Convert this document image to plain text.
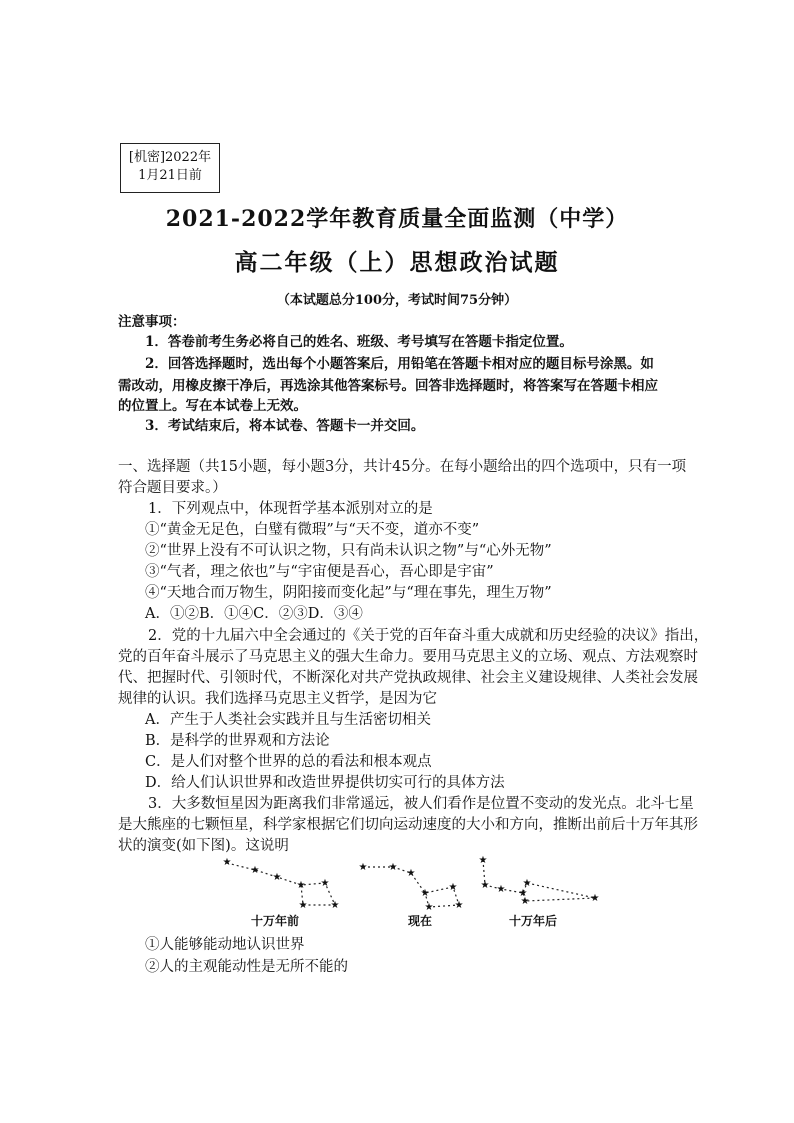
[机密]2022年
1月21日前
2021-2022学年教育质量全面监测（中学）
高二年级（上）思想政治试题
（本试题总分100分，考试时间75分钟）
注意事项：
1．答卷前考生务必将自己的姓名、班级、考号填写在答题卡指定位置。
2．回答选择题时，选出每个小题答案后，用铅笔在答题卡相对应的题目标号涂黑。如
需改动，用橡皮擦干净后，再选涂其他答案标号。回答非选择题时，将答案写在答题卡相应
的位置上。写在本试卷上无效。
3．考试结束后，将本试卷、答题卡一并交回。
一、选择题（共15小题，每小题3分，共计45分。在每小题给出的四个选项中，只有一项
符合题目要求。）
1．下列观点中，体现哲学基本派别对立的是
①“黄金无足色，白璧有微瑕”与“天不变，道亦不变”
②“世界上没有不可认识之物，只有尚未认识之物”与“心外无物”
③“气者，理之依也”与“宇宙便是吾心，吾心即是宇宙”
④“天地合而万物生，阴阳接而变化起”与“理在事先，理生万物”
A．①②B．①④C．②③D．③④
2．党的十九届六中全会通过的《关于党的百年奋斗重大成就和历史经验的决议》指出，
党的百年奋斗展示了马克思主义的强大生命力。要用马克思主义的立场、观点、方法观察时
代、把握时代、引领时代，不断深化对共产党执政规律、社会主义建设规律、人类社会发展
规律的认识。我们选择马克思主义哲学，是因为它
A．产生于人类社会实践并且与生活密切相关
B．是科学的世界观和方法论
C．是人们对整个世界的总的看法和根本观点
D．给人们认识世界和改造世界提供切实可行的具体方法
3．大多数恒星因为距离我们非常遥远，被人们看作是位置不变动的发光点。北斗七星
是大熊座的七颗恒星，科学家根据它们切向运动速度的大小和方向，推断出前后十万年其形
状的演变(如下图)。这说明
★
★
★
★ ★
★
★
★ ★
★
★
★
★
★
★
★ ★ ★
★
★
★
十万年前	现在	十万年后
①人能够能动地认识世界
②人的主观能动性是无所不能的
